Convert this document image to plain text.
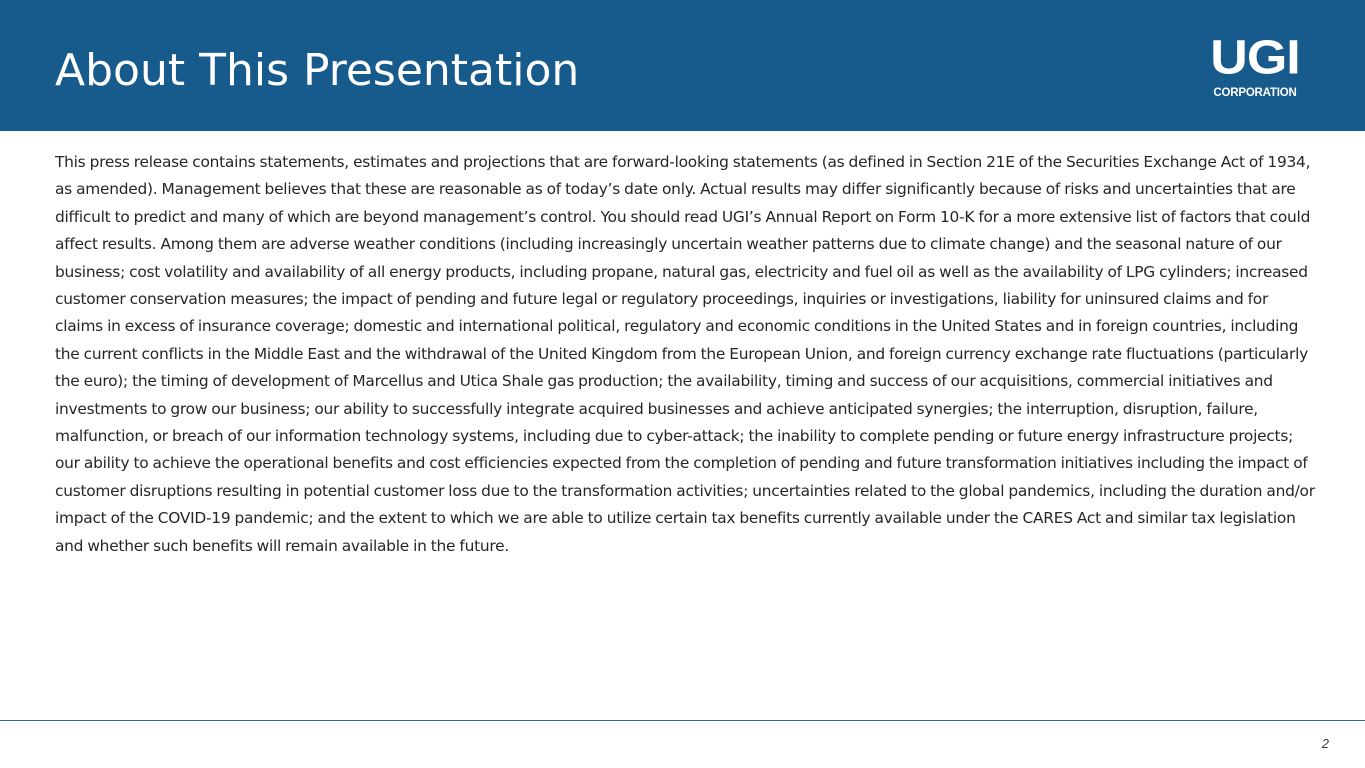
About This Presentation	UGI
CORPORATION

This press release contains statements, estimates and projections that are forward-looking statements (as defined in Section 21E of the Securities Exchange Act of 1934, as amended). Management believes that these are reasonable as of today’s date only. Actual results may differ significantly because of risks and uncertainties that are difficult to predict and many of which are beyond management’s control. You should read UGI’s Annual Report on Form 10-K for a more extensive list of factors that could affect results. Among them are adverse weather conditions (including increasingly uncertain weather patterns due to climate change) and the seasonal nature of our business; cost volatility and availability of all energy products, including propane, natural gas, electricity and fuel oil as well as the availability of LPG cylinders; increased customer conservation measures; the impact of pending and future legal or regulatory proceedings, inquiries or investigations, liability for uninsured claims and for claims in excess of insurance coverage; domestic and international political, regulatory and economic conditions in the United States and in foreign countries, including the current conflicts in the Middle East and the withdrawal of the United Kingdom from the European Union, and foreign currency exchange rate fluctuations (particularly the euro); the timing of development of Marcellus and Utica Shale gas production; the availability, timing and success of our acquisitions, commercial initiatives and investments to grow our business; our ability to successfully integrate acquired businesses and achieve anticipated synergies; the interruption, disruption, failure, malfunction, or breach of our information technology systems, including due to cyber-attack; the inability to complete pending or future energy infrastructure projects; our ability to achieve the operational benefits and cost efficiencies expected from the completion of pending and future transformation initiatives including the impact of customer disruptions resulting in potential customer loss due to the transformation activities; uncertainties related to the global pandemics, including the duration and/or impact of the COVID-19 pandemic; and the extent to which we are able to utilize certain tax benefits currently available under the CARES Act and similar tax legislation and whether such benefits will remain available in the future.

2
